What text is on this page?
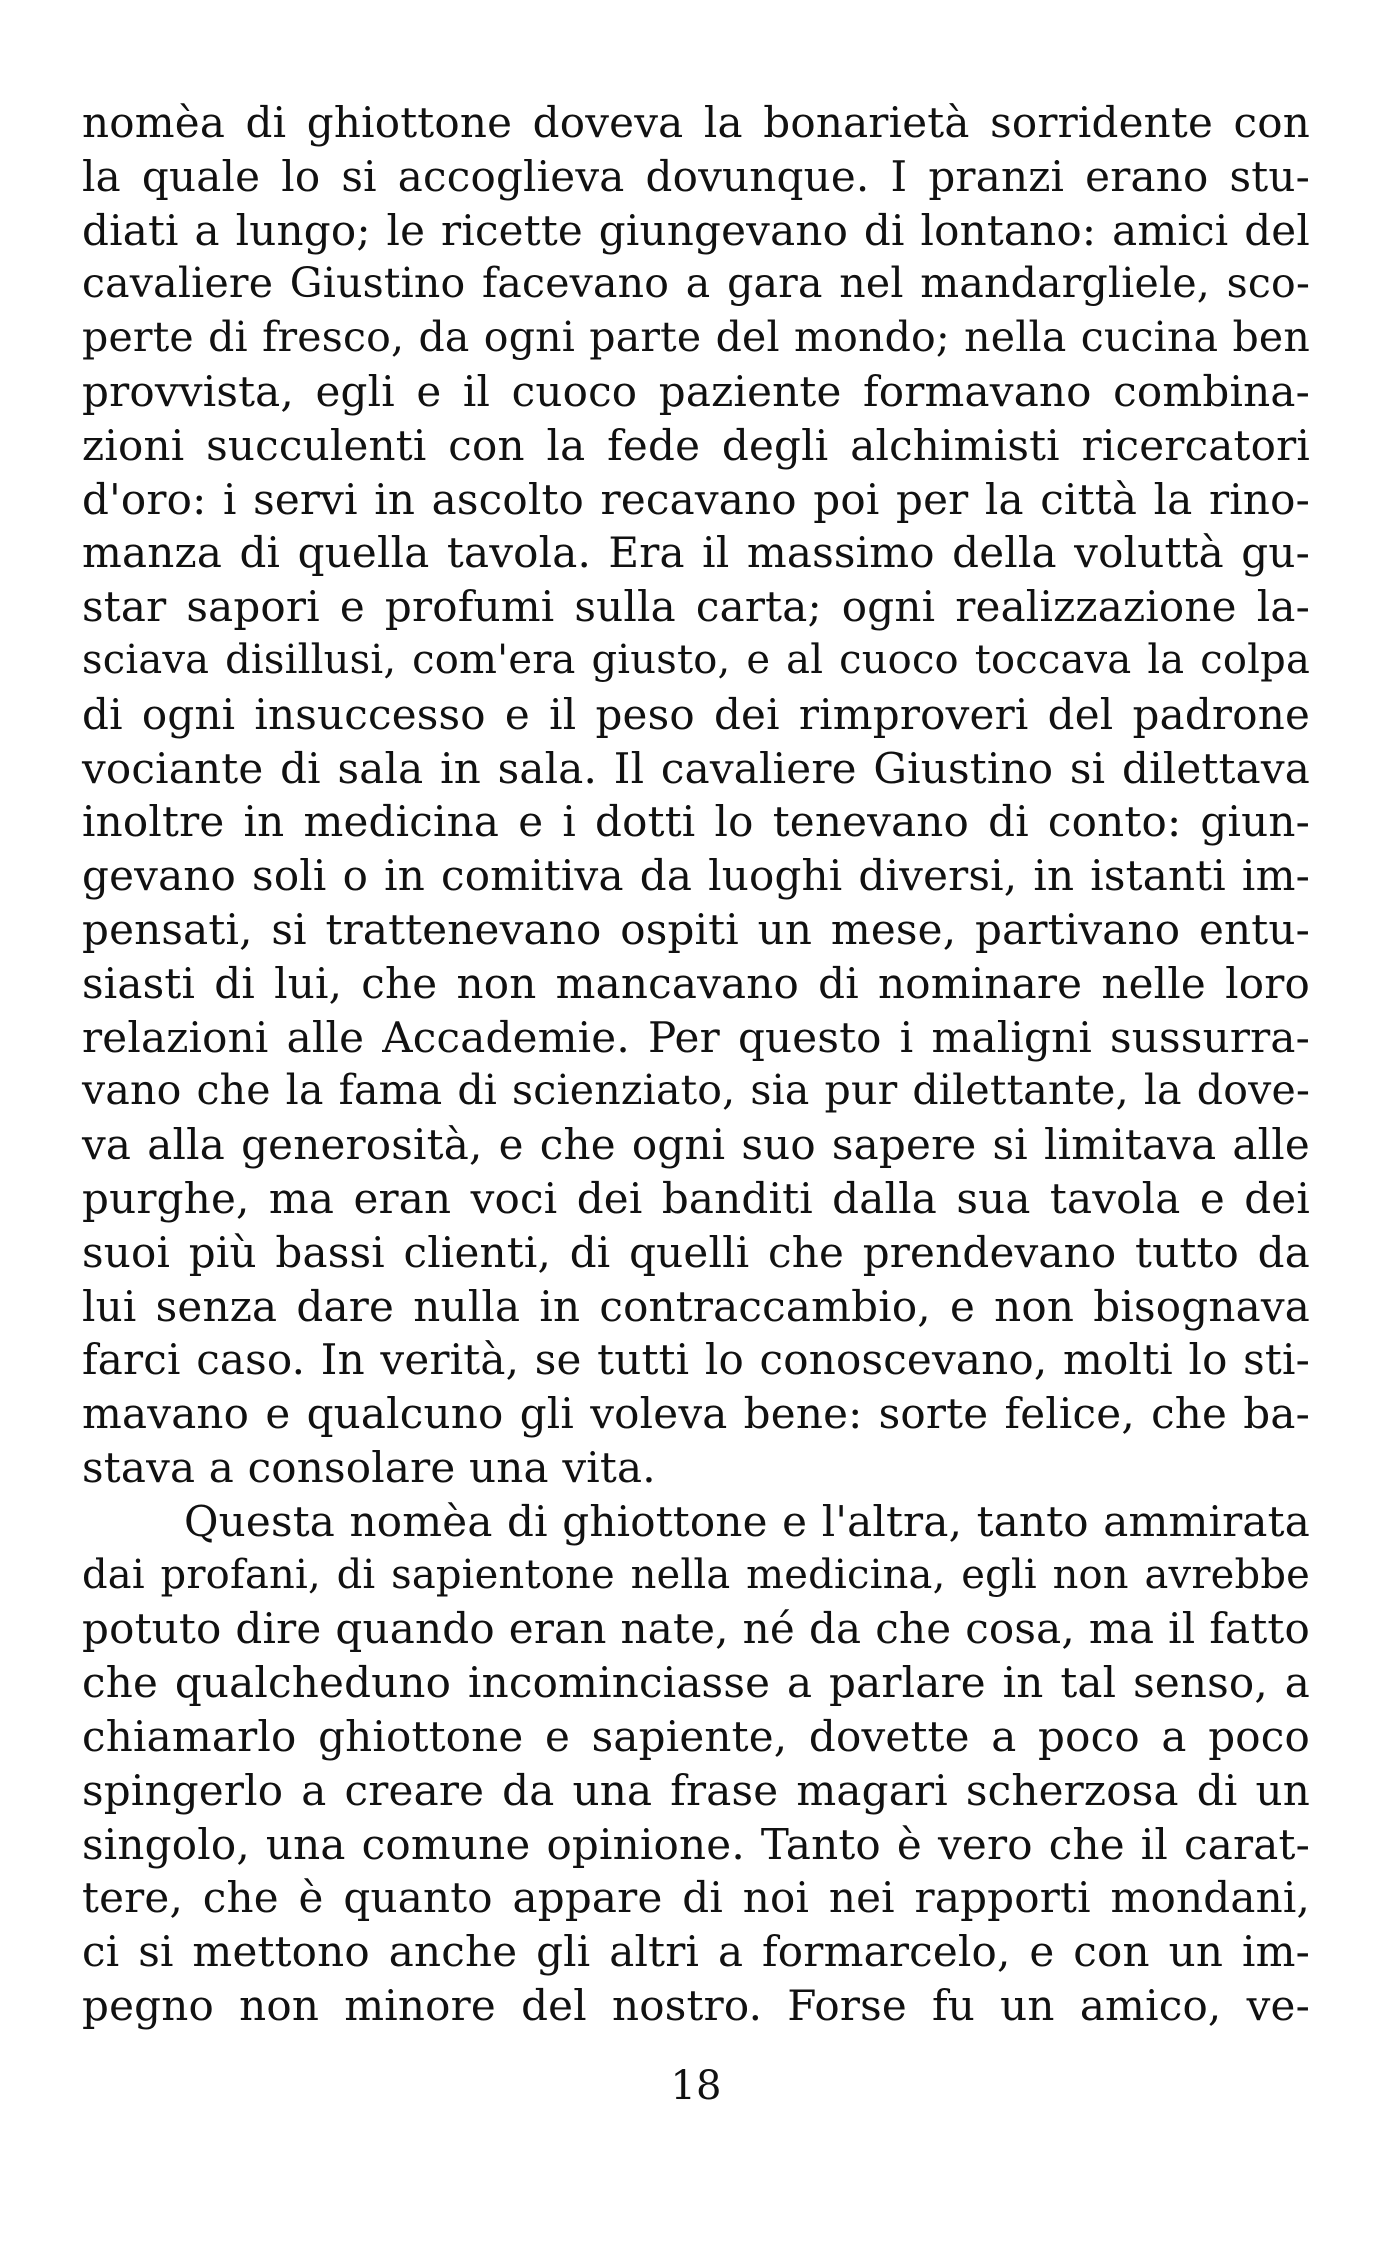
nomèa di ghiottone doveva la bonarietà sorridente con
la quale lo si accoglieva dovunque. I pranzi erano stu-
diati a lungo; le ricette giungevano di lontano: amici del
cavaliere Giustino facevano a gara nel mandargliele, sco-
perte di fresco, da ogni parte del mondo; nella cucina ben
provvista, egli e il cuoco paziente formavano combina-
zioni succulenti con la fede degli alchimisti ricercatori
d'oro: i servi in ascolto recavano poi per la città la rino-
manza di quella tavola. Era il massimo della voluttà gu-
star sapori e profumi sulla carta; ogni realizzazione la-
sciava disillusi, com'era giusto, e al cuoco toccava la colpa
di ogni insuccesso e il peso dei rimproveri del padrone
vociante di sala in sala. Il cavaliere Giustino si dilettava
inoltre in medicina e i dotti lo tenevano di conto: giun-
gevano soli o in comitiva da luoghi diversi, in istanti im-
pensati, si trattenevano ospiti un mese, partivano entu-
siasti di lui, che non mancavano di nominare nelle loro
relazioni alle Accademie. Per questo i maligni sussurra-
vano che la fama di scienziato, sia pur dilettante, la dove-
va alla generosità, e che ogni suo sapere si limitava alle
purghe, ma eran voci dei banditi dalla sua tavola e dei
suoi più bassi clienti, di quelli che prendevano tutto da
lui senza dare nulla in contraccambio, e non bisognava
farci caso. In verità, se tutti lo conoscevano, molti lo sti-
mavano e qualcuno gli voleva bene: sorte felice, che ba-
stava a consolare una vita.
Questa nomèa di ghiottone e l'altra, tanto ammirata
dai profani, di sapientone nella medicina, egli non avrebbe
potuto dire quando eran nate, né da che cosa, ma il fatto
che qualcheduno incominciasse a parlare in tal senso, a
chiamarlo ghiottone e sapiente, dovette a poco a poco
spingerlo a creare da una frase magari scherzosa di un
singolo, una comune opinione. Tanto è vero che il carat-
tere, che è quanto appare di noi nei rapporti mondani,
ci si mettono anche gli altri a formarcelo, e con un im-
pegno non minore del nostro. Forse fu un amico, ve-
18
